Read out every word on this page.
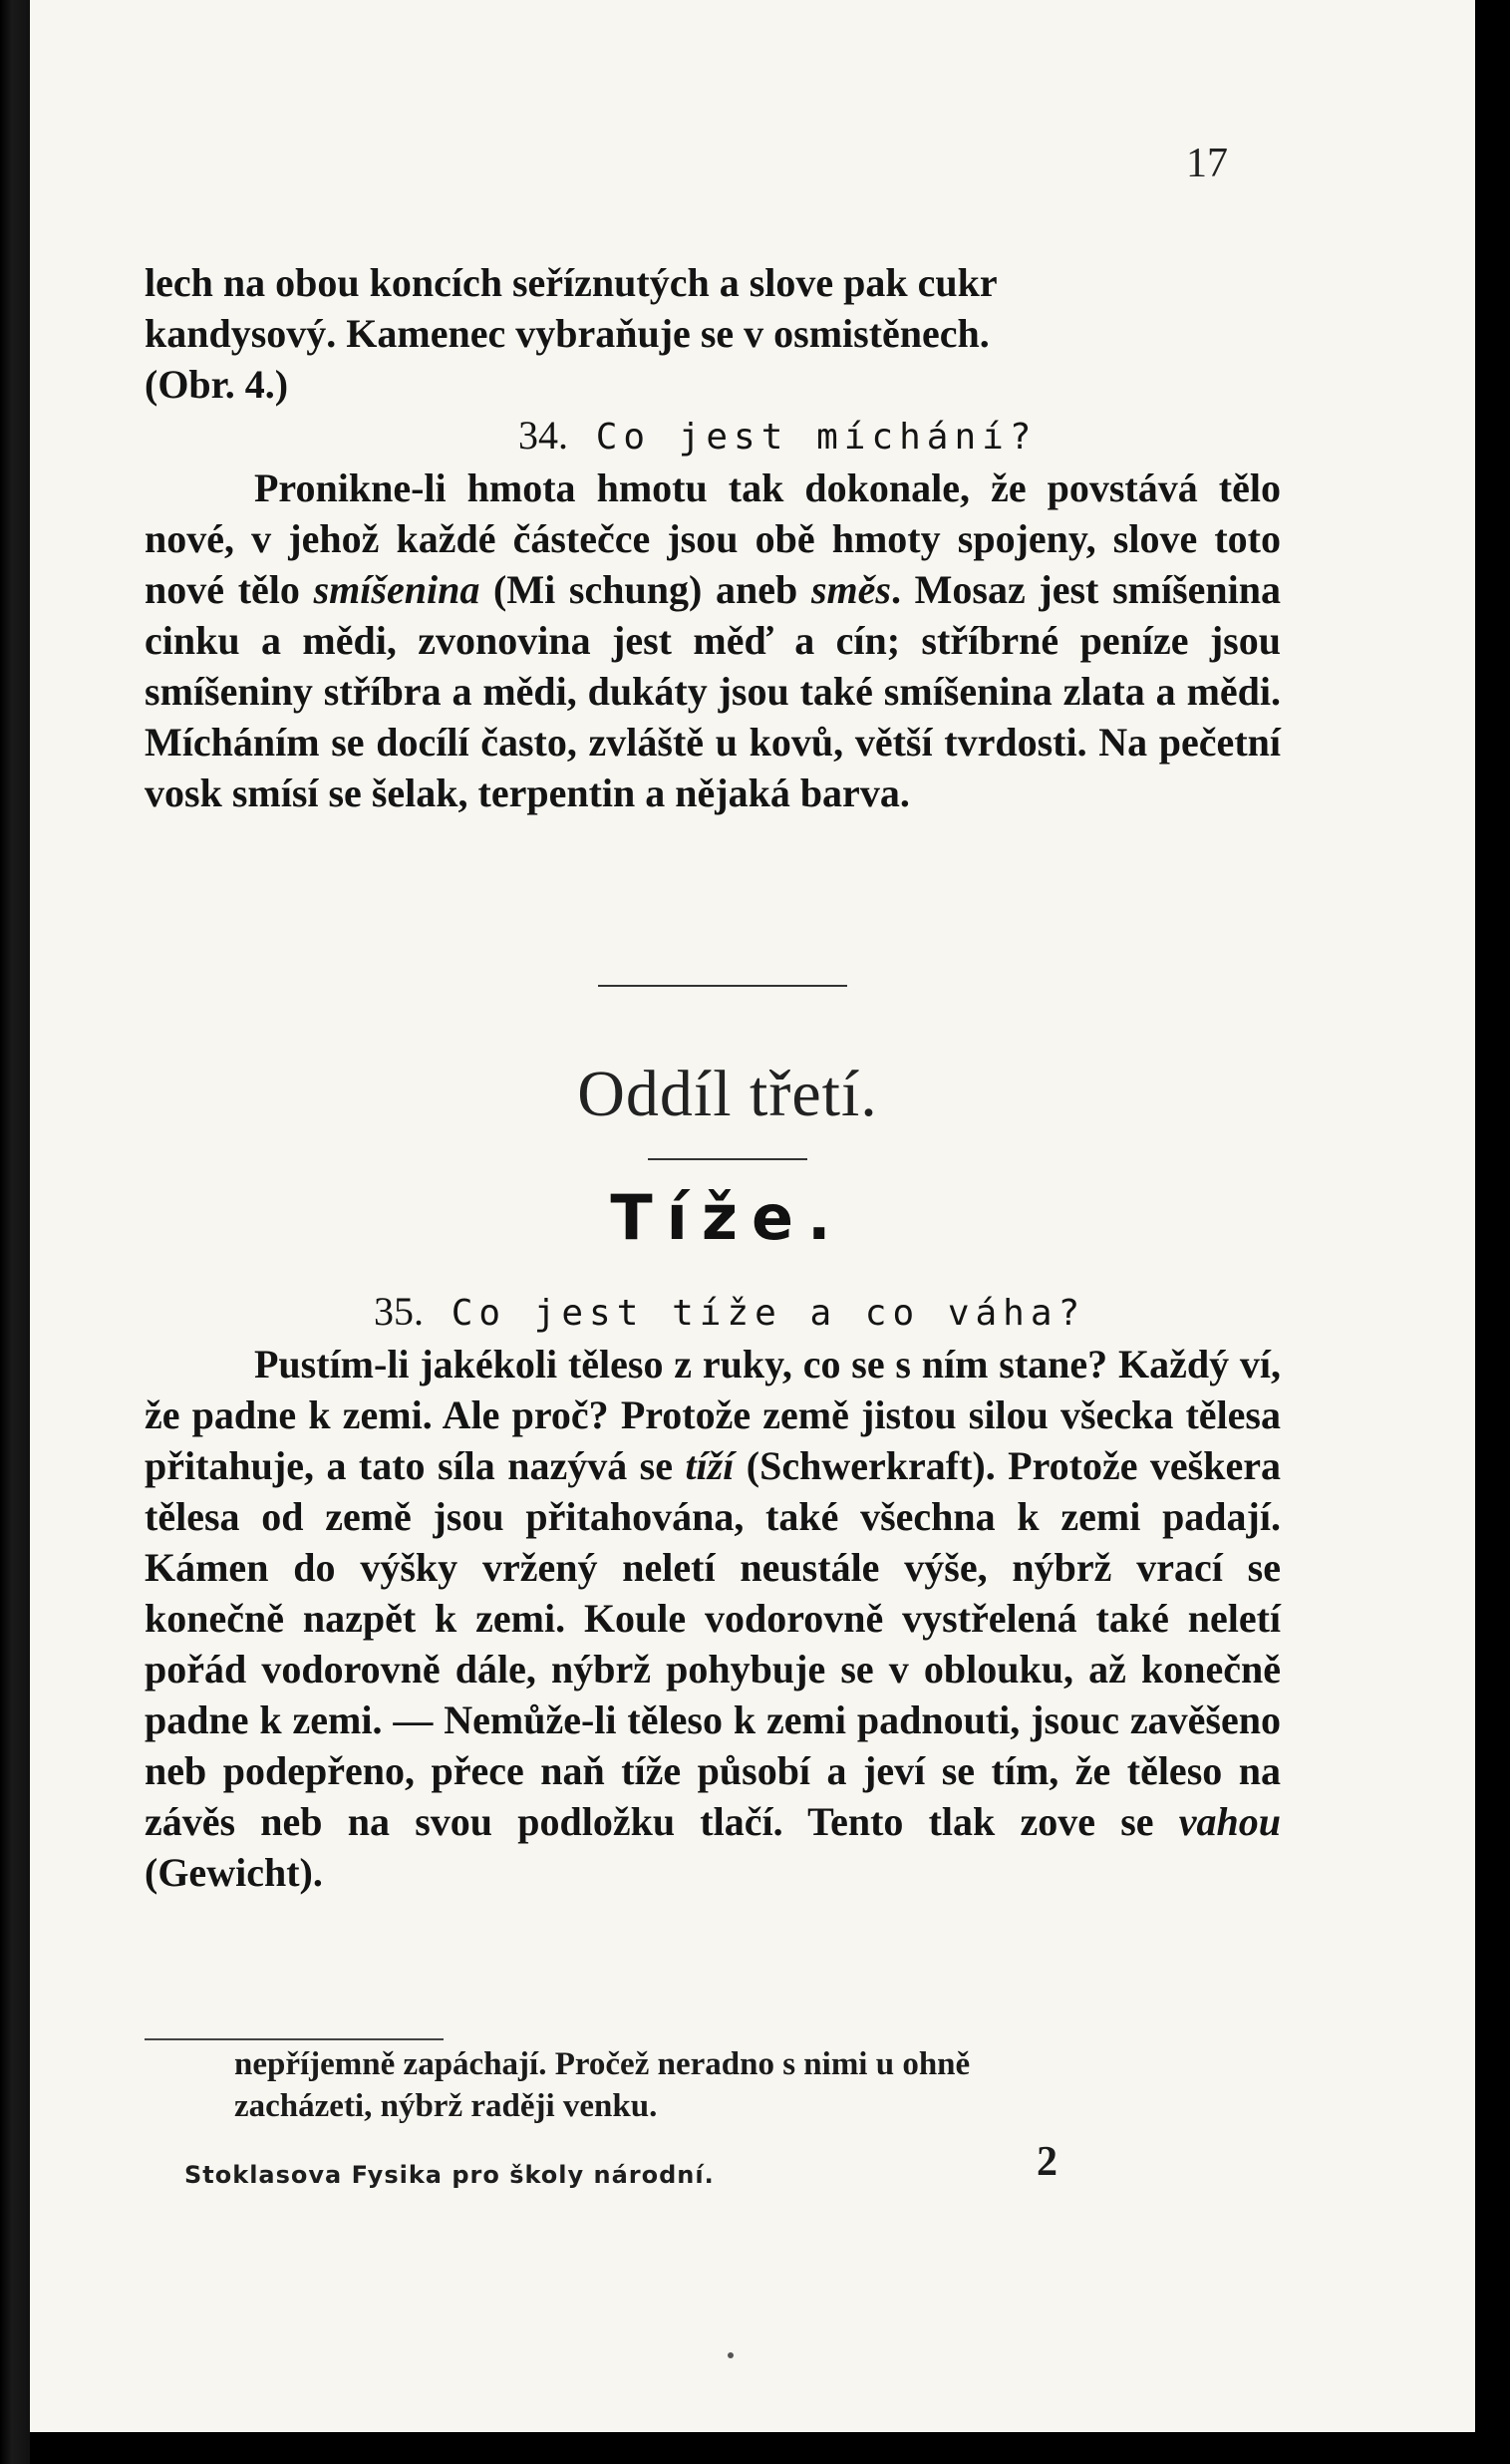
17

lech na obou koncích seříznutých a slove pak cukr

kandysový. Kamenec vybraňuje se v osmistěnech.

(Obr. 4.)

34. Co jest míchání?

Pronikne-li hmota hmotu tak dokonale, že povstává tělo nové, v jehož každé částečce jsou obě hmoty spojeny, slove toto nové tělo smíšenina (Mi schung) aneb směs. Mosaz jest smíšenina cinku a mědi, zvonovina jest měď a cín; stříbrné peníze jsou smíšeniny stříbra a mědi, dukáty jsou také smíšenina zlata a mědi. Mícháním se docílí často, zvláště u kovů, větší tvrdosti. Na pečetní vosk smísí se šelak, terpentin a nějaká barva.

Oddíl třetí.
Tíže.

35. Co jest tíže a co váha?

Pustím-li jakékoli těleso z ruky, co se s ním stane? Každý ví, že padne k zemi. Ale proč? Protože země jistou silou všecka tělesa přitahuje, a tato síla nazývá se tíží (Schwerkraft). Protože veškera tělesa od země jsou přitahována, také všechna k zemi padají. Kámen do výšky vržený neletí neustále výše, nýbrž vrací se konečně nazpět k zemi. Koule vodorovně vystřelená také neletí pořád vodorovně dále, nýbrž pohybuje se v oblouku, až konečně padne k zemi. — Nemůže-li těleso k zemi padnouti, jsouc zavěšeno neb podepřeno, přece naň tíže působí a jeví se tím, že těleso na závěs neb na svou podložku tlačí. Tento tlak zove se vahou (Gewicht).

nepříjemně zapáchají. Pročež neradno s nimi u ohně
zacházeti, nýbrž raději venku.
Stoklasova Fysika pro školy národní.	2
